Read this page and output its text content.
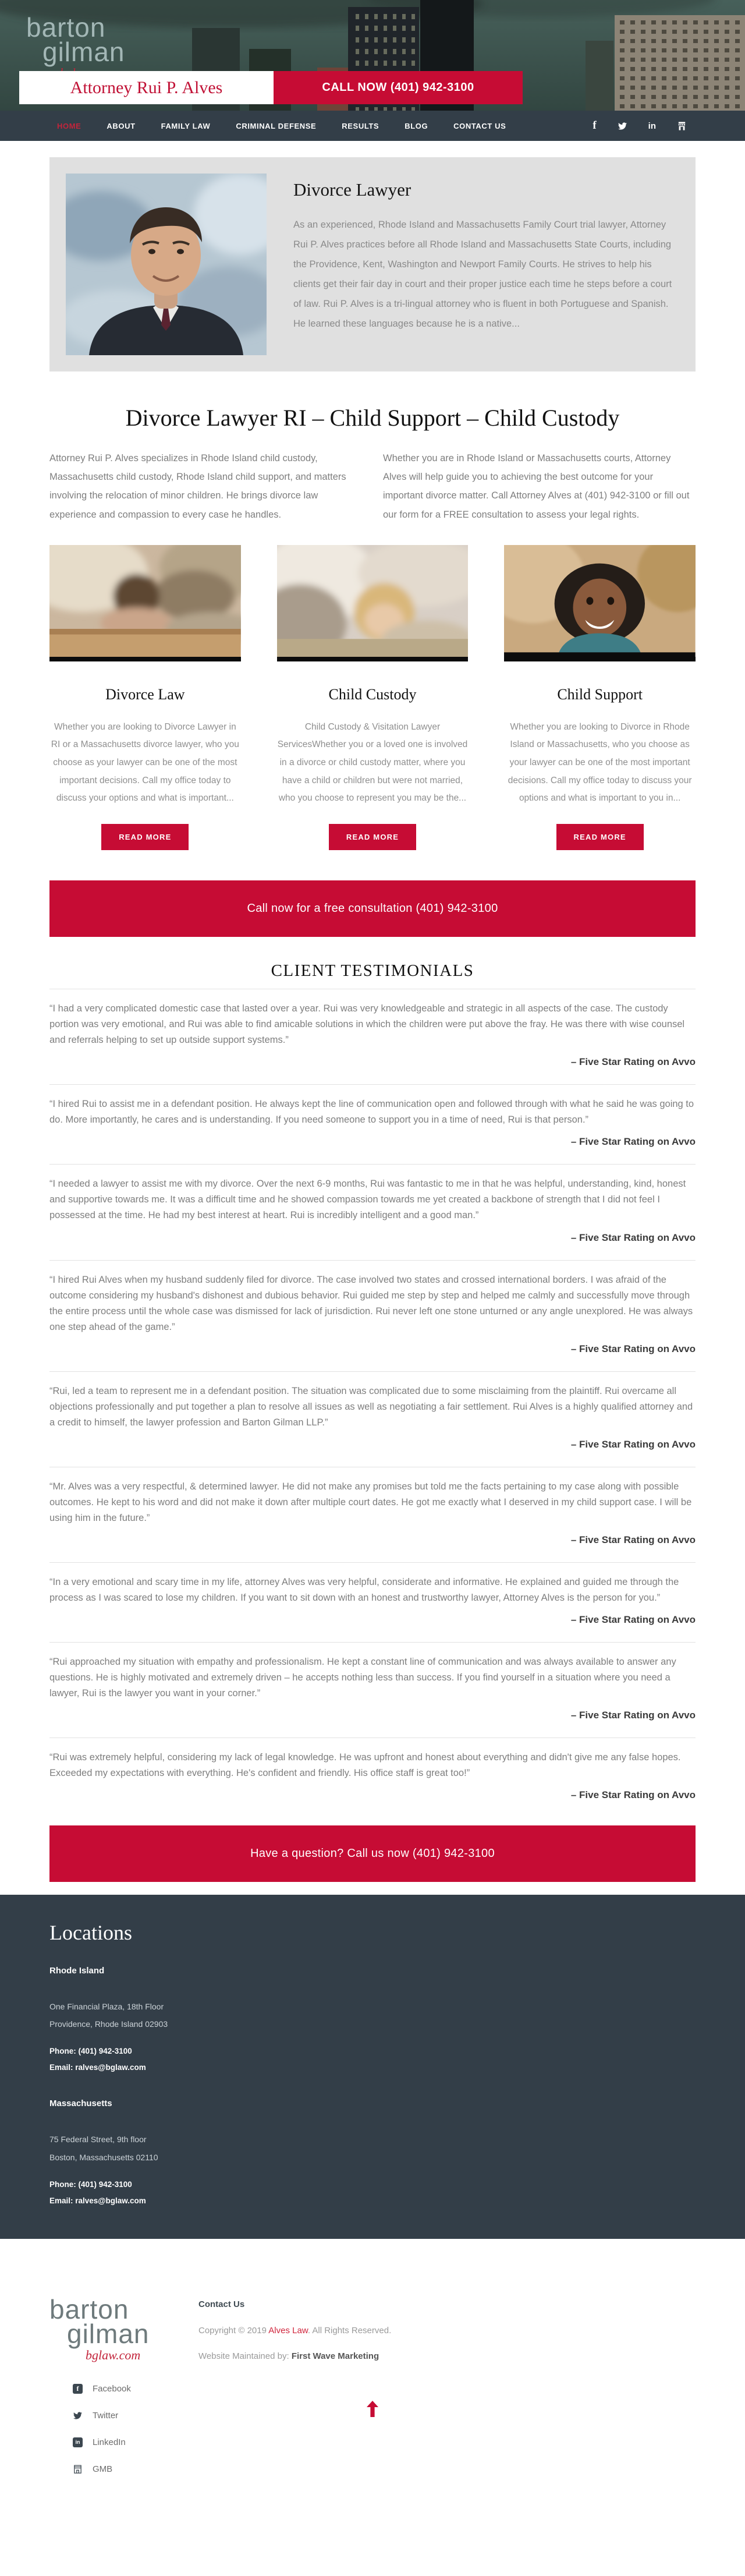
barton
gilman
Attorney Rui P. Alves	CALL NOW (401) 942-3100
HOME	ABOUT	FAMILY LAW	CRIMINAL DEFENSE	RESULTS	BLOG	CONTACT US	f	in
Divorce Lawyer

As an experienced, Rhode Island and Massachusetts Family Court trial lawyer, Attorney Rui P. Alves practices before all Rhode Island and Massachusetts State Courts, including the Providence, Kent, Washington and Newport Family Courts. He strives to help his clients get their fair day in court and their proper justice each time he steps before a court of law. Rui P. Alves is a tri-lingual attorney who is fluent in both Portuguese and Spanish. He learned these languages because he is a native...

Divorce Lawyer RI – Child Support – Child Custody

Attorney Rui P. Alves specializes in Rhode Island child custody, Massachusetts child custody, Rhode Island child support, and matters involving the relocation of minor children. He brings divorce law experience and compassion to every case he handles.

Whether you are in Rhode Island or Massachusetts courts, Attorney Alves will help guide you to achieving the best outcome for your important divorce matter. Call Attorney Alves at (401) 942-3100 or fill out our form for a FREE consultation to assess your legal rights.

Divorce Law

Whether you are looking to Divorce Lawyer in RI or a Massachusetts divorce lawyer, who you choose as your lawyer can be one of the most important decisions. Call my office today to discuss your options and what is important...

READ MORE
Child Custody

Child Custody & Visitation Lawyer ServicesWhether you or a loved one is involved in a divorce or child custody matter, where you have a child or children but were not married, who you choose to represent you may be the...

READ MORE
Child Support

Whether you are looking to Divorce in Rhode Island or Massachusetts, who you choose as your lawyer can be one of the most important decisions. Call my office today to discuss your options and what is important to you in...

READ MORE
Call now for a free consultation (401) 942-3100
CLIENT TESTIMONIALS

“I had a very complicated domestic case that lasted over a year. Rui was very knowledgeable and strategic in all aspects of the case. The custody portion was very emotional, and Rui was able to find amicable solutions in which the children were put above the fray. He was there with wise counsel and referrals helping to set up outside support systems.”

– Five Star Rating on Avvo

“I hired Rui to assist me in a defendant position. He always kept the line of communication open and followed through with what he said he was going to do. More importantly, he cares and is understanding. If you need someone to support you in a time of need, Rui is that person.”

– Five Star Rating on Avvo

“I needed a lawyer to assist me with my divorce. Over the next 6-9 months, Rui was fantastic to me in that he was helpful, understanding, kind, honest and supportive towards me. It was a difficult time and he showed compassion towards me yet created a backbone of strength that I did not feel I possessed at the time. He had my best interest at heart. Rui is incredibly intelligent and a good man.”

– Five Star Rating on Avvo

“I hired Rui Alves when my husband suddenly filed for divorce. The case involved two states and crossed international borders. I was afraid of the outcome considering my husband's dishonest and dubious behavior. Rui guided me step by step and helped me calmly and successfully move through the entire process until the whole case was dismissed for lack of jurisdiction. Rui never left one stone unturned or any angle unexplored. He was always one step ahead of the game.”

– Five Star Rating on Avvo

“Rui, led a team to represent me in a defendant position. The situation was complicated due to some misclaiming from the plaintiff. Rui overcame all objections professionally and put together a plan to resolve all issues as well as negotiating a fair settlement. Rui Alves is a highly qualified attorney and a credit to himself, the lawyer profession and Barton Gilman LLP.”

– Five Star Rating on Avvo

“Mr. Alves was a very respectful, & determined lawyer. He did not make any promises but told me the facts pertaining to my case along with possible outcomes. He kept to his word and did not make it down after multiple court dates. He got me exactly what I deserved in my child support case. I will be using him in the future.”

– Five Star Rating on Avvo

“In a very emotional and scary time in my life, attorney Alves was very helpful, considerate and informative. He explained and guided me through the process as I was scared to lose my children. If you want to sit down with an honest and trustworthy lawyer, Attorney Alves is the person for you.”

– Five Star Rating on Avvo

“Rui approached my situation with empathy and professionalism. He kept a constant line of communication and was always available to answer any questions. He is highly motivated and extremely driven – he accepts nothing less than success. If you find yourself in a situation where you need a lawyer, Rui is the lawyer you want in your corner.”

– Five Star Rating on Avvo

“Rui was extremely helpful, considering my lack of legal knowledge. He was upfront and honest about everything and didn't give me any false hopes. Exceeded my expectations with everything. He's confident and friendly. His office staff is great too!”

– Five Star Rating on Avvo

Have a question? Call us now (401) 942-3100
Locations

Rhode Island

One Financial Plaza, 18th Floor

Providence, Rhode Island 02903

Phone: (401) 942-3100

Email: ralves@bglaw.com

Massachusetts

75 Federal Street, 9th floor

Boston, Massachusetts 02110

Phone: (401) 942-3100

Email: ralves@bglaw.com

barton
gilman
bglaw.com
Contact Us

Copyright © 2019 Alves Law. All Rights Reserved.

Website Maintained by: First Wave Marketing

f	Facebook
Twitter
in	LinkedIn
GMB
